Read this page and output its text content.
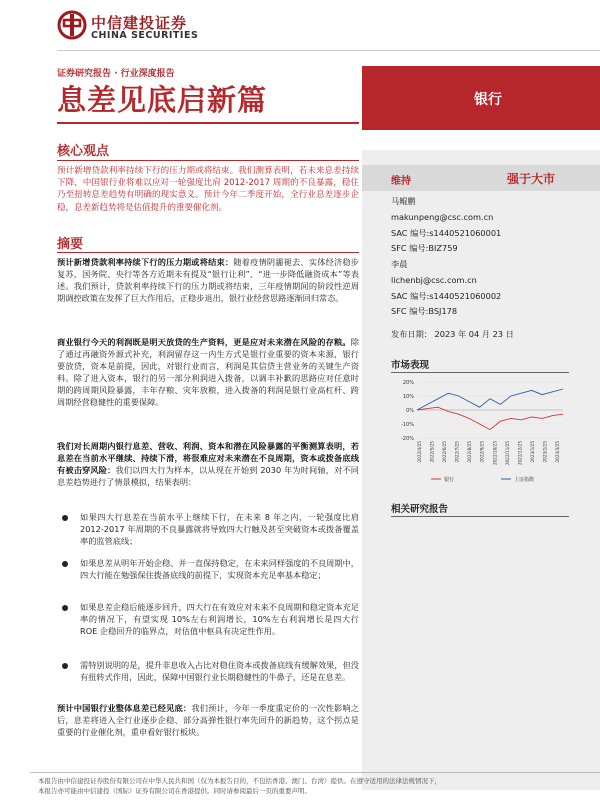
中信建投证券
CHINA SECURITIES
证券研究报告 · 行业深度报告
息差见底启新篇	银行
核心观点
预计新增贷款利率持续下行的压力期或将结束。我们测算表明，若未来息差持续下降，中国银行业将难以应对一轮强度比肩 2012-2017 周期的不良暴露，稳住乃至扭转息差趋势有明确的现实意义。预计今年二季度开始，全行业息差逐步企稳，息差新趋势将是估值提升的重要催化剂。
摘要
预计新增贷款利率持续下行的压力期或将结束：随着疫情阴霾褪去、实体经济稳步复苏，国务院、央行等各方近期未有提及“银行让利”、“进一步降低融资成本”等表述。我们预计，贷款利率持续下行的压力期或将结束，三年疫情期间的阶段性逆周期调控政策在发挥了巨大作用后，正稳步退出，银行业经营思路逐渐回归常态。
商业银行今天的利润既是明天放贷的生产资料，更是应对未来潜在风险的存粮。除了通过再融资外源式补充，利润留存这一内生方式是银行业重要的资本来源，银行要放贷，资本是前提，因此，对银行业而言，利润是其信贷主营业务的关键生产资料。除了进入资本，银行的另一部分利润进入拨备，以调丰补歉的思路应对任意时期的跨周期风险暴露，丰年存粮、灾年放粮，进入拨备的利润是银行业高杠杆、跨周期经营稳健性的重要保障。
我们对长周期内银行息差、营收、利润、资本和潜在风险暴露的平衡测算表明，若息差在当前水平继续、持续下滑，将很难应对未来潜在不良周期，资本或拨备底线有被击穿风险：我们以四大行为样本，以从现在开始到 2030 年为时间轴，对不同息差趋势进行了情景模拟，结果表明：
如果四大行息差在当前水平上继续下行，在未来 8 年之内，一轮强度比肩 2012-2017 年周期的不良暴露就将导致四大行触及甚至突破资本或拨备覆盖率的监管底线；
如果息差从明年开始企稳、并一直保持稳定，在未来同样强度的不良周期中，四大行能在勉强保住拨备底线的前提下，实现资本充足率基本稳定；
如果息差企稳后能逐步回升，四大行在有效应对未来不良周期和稳定资本充足率的情况下，有望实现 10%左右利润增长，10%左右利润增长是四大行 ROE 企稳回升的临界点，对估值中枢具有决定性作用。
需特别说明的是，提升非息收入占比对稳住资本或拨备底线有缓解效果，但没有扭转式作用，因此，保障中国银行业长期稳健性的牛鼻子，还是在息差。
预计中国银行业整体息差已经见底：我们预计，今年一季度重定价的一次性影响之后，息差将进入全行业逐步企稳、部分高弹性银行率先回升的新趋势，这个拐点是重要的行业催化剂，重申看好银行板块。
维持	强于大市
马鲲鹏
makunpeng@csc.com.cn
SAC 编号:s1440521060001
SFC 编号:BIZ759
李晨
lichenbj@csc.com.cn
SAC 编号:s1440521060002
SFC 编号:BSJ178
发布日期： 2023 年 04 月 23 日
市场表现
20%
10%
0%
-10%
-20%
2022/4/25 2022/5/25 2022/6/25 2022/7/25 2022/8/25 2022/9/25 2022/10/25 2022/11/25 2022/12/25 2023/1/25 2023/2/25 2023/3/25
银行	上证指数
相关研究报告
本报告由中信建投证券股份有限公司在中华人民共和国（仅为本报告目的，不包括香港、澳门、台湾）提供。在遵守适用的法律法规情况下，
本报告亦可能由中信建投（国际）证券有限公司在香港提供。同时请参阅最后一页的重要声明。
